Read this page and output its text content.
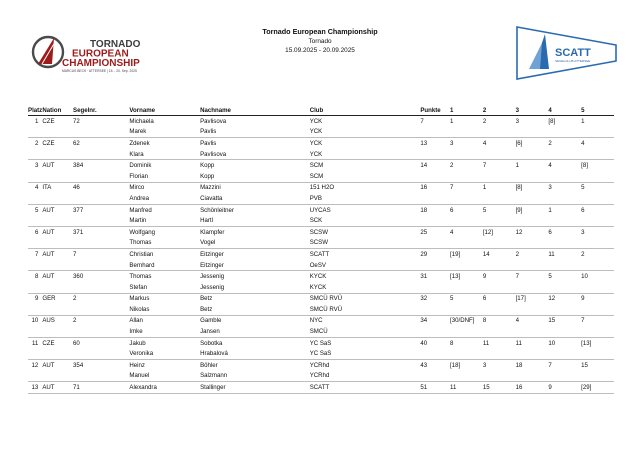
TORNADO
EUROPEAN
CHAMPIONSHIP
MARCUS BECK · ATTERSEE | 15. - 20. Sep. 2025
Tornado European Championship
Tornado
15.09.2025 - 20.09.2025	SCATT
SEGELCLUB ATTERSEE
Platz	Nation	Segelnr.	Vorname	Nachname	Club	Punkte	1	2	3	4	5
1	CZE	72	Michaela	Pavlisova	YCK	7	1	2	3	[8]	1
			Marek	Pavlis	YCK						
2	CZE	62	Zdenek	Pavlis	YCK	13	3	4	[6]	2	4
			Klara	Pavlisova	YCK						
3	AUT	384	Dominik	Kopp	SCM	14	2	7	1	4	[8]
			Florian	Kopp	SCM						
4	ITA	46	Mirco	Mazzini	151 H2O	16	7	1	[8]	3	5
			Andrea	Ciavatta	PVB						
5	AUT	377	Manfred	Schönleitner	UYCAS	18	6	5	[9]	1	6
			Martin	Hartl	SCK						
6	AUT	371	Wolfgang	Klampfer	SCSW	25	4	[12]	12	6	3
			Thomas	Vogel	SCSW						
7	AUT	7	Christian	Eitzinger	SCATT	29	[19]	14	2	11	2
			Bernhard	Eitzinger	OeSV						
8	AUT	360	Thomas	Jessenig	KYCK	31	[13]	9	7	5	10
			Stefan	Jessenig	KYCK						
9	GER	2	Markus	Betz	SMCÜ RVÜ	32	5	6	[17]	12	9
			Nikolas	Betz	SMCÜ RVÜ						
10	AUS	2	Allan	Gamble	NYC	34	[30/DNF]	8	4	15	7
			Imke	Jansen	SMCÜ						
11	CZE	60	Jakub	Sobotka	YC SaS	40	8	11	11	10	[13]
			Veronika	Hrabalová	YC SaS						
12	AUT	354	Heinz	Böhler	YCRhd	43	[18]	3	18	7	15
			Manuel	Salzmann	YCRhd						
13	AUT	71	Alexandra	Stallinger	SCATT	51	11	15	16	9	[29]
